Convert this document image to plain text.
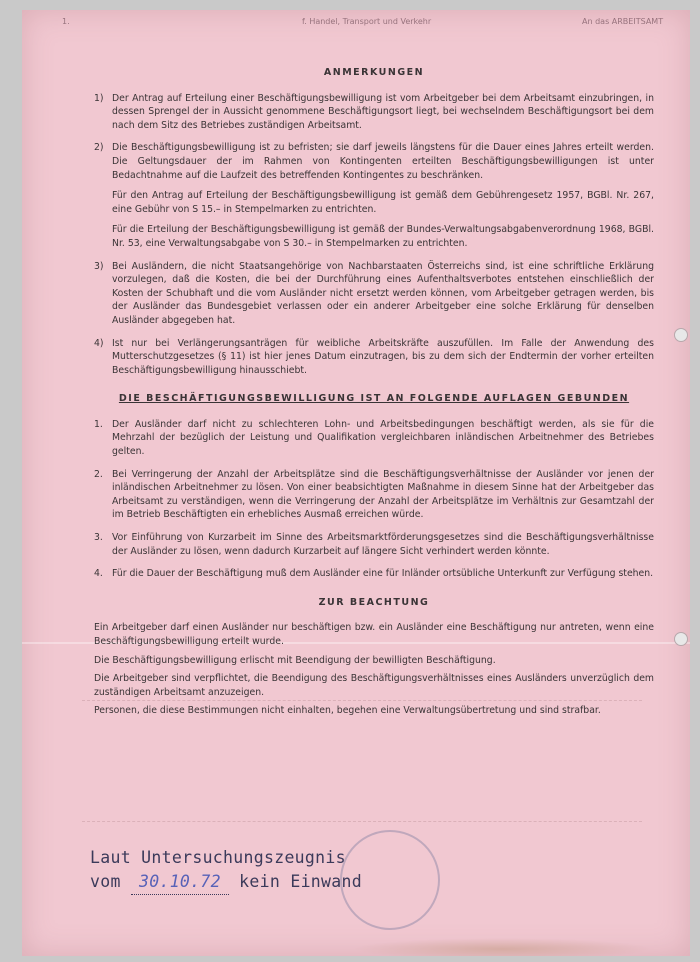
1.	f. Handel, Transport und Verkehr	An das ARBEITSAMT
ANMERKUNGEN
1) Der Antrag auf Erteilung einer Beschäftigungsbewilligung ist vom Arbeitgeber bei dem Arbeitsamt einzubringen, in dessen Sprengel der in Aussicht genommene Beschäftigungsort liegt, bei wechselndem Beschäftigungsort bei dem nach dem Sitz des Betriebes zuständigen Arbeitsamt.

2) Die Beschäftigungsbewilligung ist zu befristen; sie darf jeweils längstens für die Dauer eines Jahres erteilt werden. Die Geltungsdauer der im Rahmen von Kontingenten erteilten Beschäftigungsbewilligungen ist unter Bedachtnahme auf die Laufzeit des betreffenden Kontingentes zu beschränken.

Für den Antrag auf Erteilung der Beschäftigungsbewilligung ist gemäß dem Gebührengesetz 1957, BGBl. Nr. 267, eine Gebühr von S 15.– in Stempelmarken zu entrichten.

Für die Erteilung der Beschäftigungsbewilligung ist gemäß der Bundes-Verwaltungsabgabenverordnung 1968, BGBl. Nr. 53, eine Verwaltungsabgabe von S 30.– in Stempelmarken zu entrichten.

3) Bei Ausländern, die nicht Staatsangehörige von Nachbarstaaten Österreichs sind, ist eine schriftliche Erklärung vorzulegen, daß die Kosten, die bei der Durchführung eines Aufenthaltsverbotes entstehen einschließlich der Kosten der Schubhaft und die vom Ausländer nicht ersetzt werden können, vom Arbeitgeber getragen werden, bis der Ausländer das Bundesgebiet verlassen oder ein anderer Arbeitgeber eine solche Erklärung für denselben Ausländer abgegeben hat.

4) Ist nur bei Verlängerungsanträgen für weibliche Arbeitskräfte auszufüllen. Im Falle der Anwendung des Mutterschutzgesetzes (§ 11) ist hier jenes Datum einzutragen, bis zu dem sich der Endtermin der vorher erteilten Beschäftigungsbewilligung hinausschiebt.

DIE BESCHÄFTIGUNGSBEWILLIGUNG IST AN FOLGENDE AUFLAGEN GEBUNDEN
1. Der Ausländer darf nicht zu schlechteren Lohn- und Arbeitsbedingungen beschäftigt werden, als sie für die Mehrzahl der bezüglich der Leistung und Qualifikation vergleichbaren inländischen Arbeitnehmer des Betriebes gelten.
2. Bei Verringerung der Anzahl der Arbeitsplätze sind die Beschäftigungsverhältnisse der Ausländer vor jenen der inländischen Arbeitnehmer zu lösen. Von einer beabsichtigten Maßnahme in diesem Sinne hat der Arbeitgeber das Arbeitsamt zu verständigen, wenn die Verringerung der Anzahl der Arbeitsplätze im Verhältnis zur Gesamtzahl der im Betrieb Beschäftigten ein erhebliches Ausmaß erreichen würde.
3. Vor Einführung von Kurzarbeit im Sinne des Arbeitsmarktförderungsgesetzes sind die Beschäftigungsverhältnisse der Ausländer zu lösen, wenn dadurch Kurzarbeit auf längere Sicht verhindert werden könnte.
4. Für die Dauer der Beschäftigung muß dem Ausländer eine für Inländer ortsübliche Unterkunft zur Verfügung stehen.
ZUR BEACHTUNG

Ein Arbeitgeber darf einen Ausländer nur beschäftigen bzw. ein Ausländer eine Beschäftigung nur antreten, wenn eine Beschäftigungsbewilligung erteilt wurde.

Die Beschäftigungsbewilligung erlischt mit Beendigung der bewilligten Beschäftigung.

Die Arbeitgeber sind verpflichtet, die Beendigung des Beschäftigungsverhältnisses eines Ausländers unverzüglich dem zuständigen Arbeitsamt anzuzeigen.

Personen, die diese Bestimmungen nicht einhalten, begehen eine Verwaltungsübertretung und sind strafbar.

Laut Untersuchungszeugnis
vom 30.10.72 kein Einwand
